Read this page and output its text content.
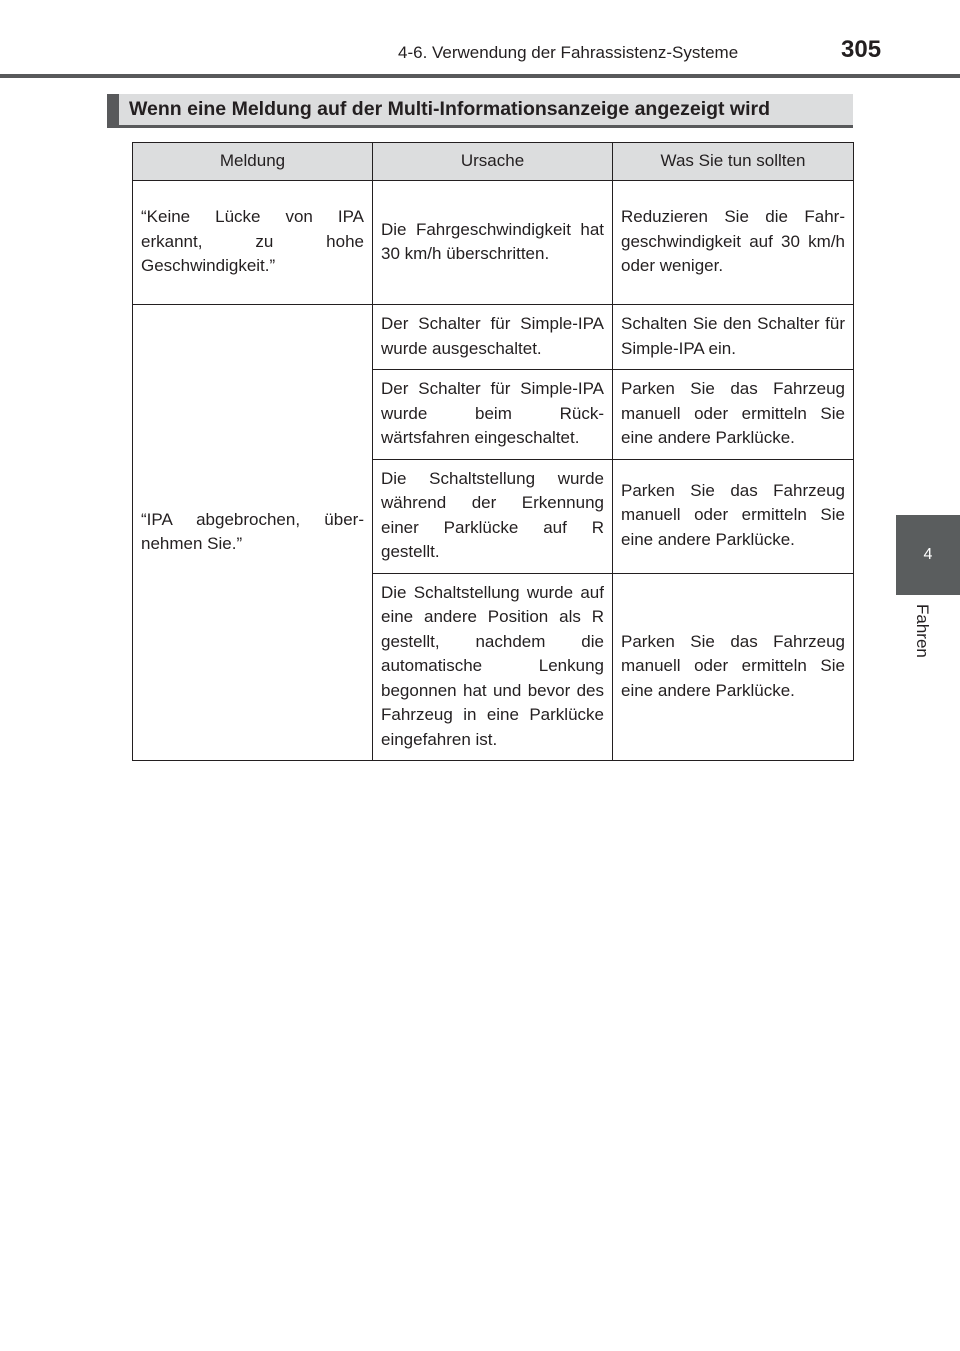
4-6. Verwendung der Fahrassistenz-Systeme	305
4
Fahren
Wenn eine Meldung auf der Multi-Informationsanzeige angezeigt wird
Meldung	Ursache	Was Sie tun sollten
“Keine Lücke von IPA erkannt, zu hohe Geschwindigkeit.”	Die Fahrgeschwindigkeit hat 30 km/h überschritten.	Reduzieren Sie die Fahr-geschwindigkeit auf 30 km/h oder weniger.
“IPA abgebrochen, über-nehmen Sie.”	Der Schalter für Simple-IPA wurde ausgeschaltet.	Schalten Sie den Schalter für Simple-IPA ein.
	Der Schalter für Simple-IPA wurde beim Rück-wärtsfahren eingeschaltet.	Parken Sie das Fahrzeug manuell oder ermitteln Sie eine andere Parklücke.
	Die Schaltstellung wurde während der Erkennung einer Parklücke auf R gestellt.	Parken Sie das Fahrzeug manuell oder ermitteln Sie eine andere Parklücke.
	Die Schaltstellung wurde auf eine andere Position als R gestellt, nachdem die automatische Lenkung begonnen hat und bevor des Fahrzeug in eine Parklücke eingefahren ist.	Parken Sie das Fahrzeug manuell oder ermitteln Sie eine andere Parklücke.
